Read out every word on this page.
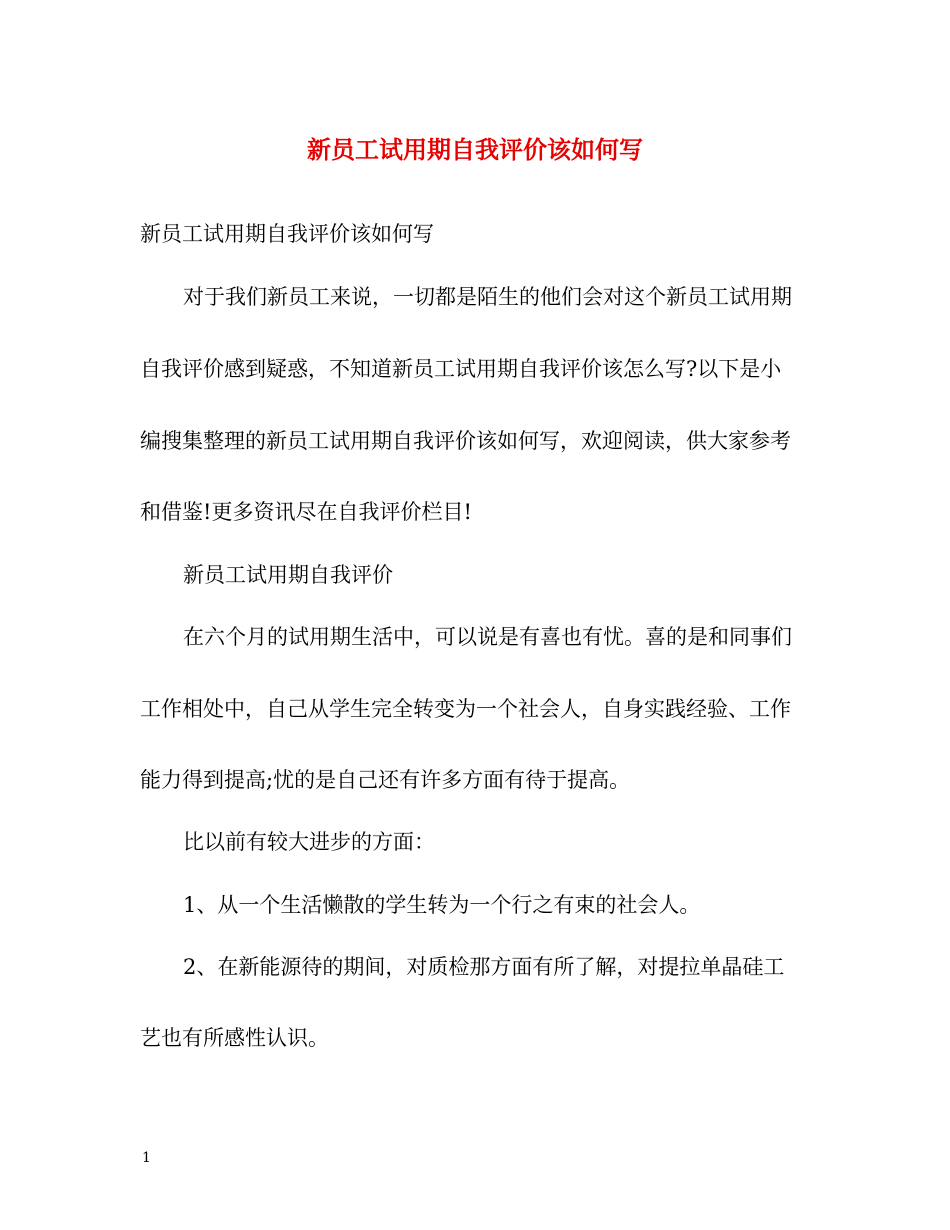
新员工试用期自我评价该如何写
新员工试用期自我评价该如何写
对于我们新员工来说，一切都是陌生的他们会对这个新员工试用期
自我评价感到疑惑，不知道新员工试用期自我评价该怎么写?以下是小
编搜集整理的新员工试用期自我评价该如何写，欢迎阅读，供大家参考
和借鉴!更多资讯尽在自我评价栏目!
新员工试用期自我评价
在六个月的试用期生活中，可以说是有喜也有忧。喜的是和同事们
工作相处中，自己从学生完全转变为一个社会人，自身实践经验、工作
能力得到提高;忧的是自己还有许多方面有待于提高。
比以前有较大进步的方面：
1、从一个生活懒散的学生转为一个行之有束的社会人。
2、在新能源待的期间，对质检那方面有所了解，对提拉单晶硅工
艺也有所感性认识。
1
